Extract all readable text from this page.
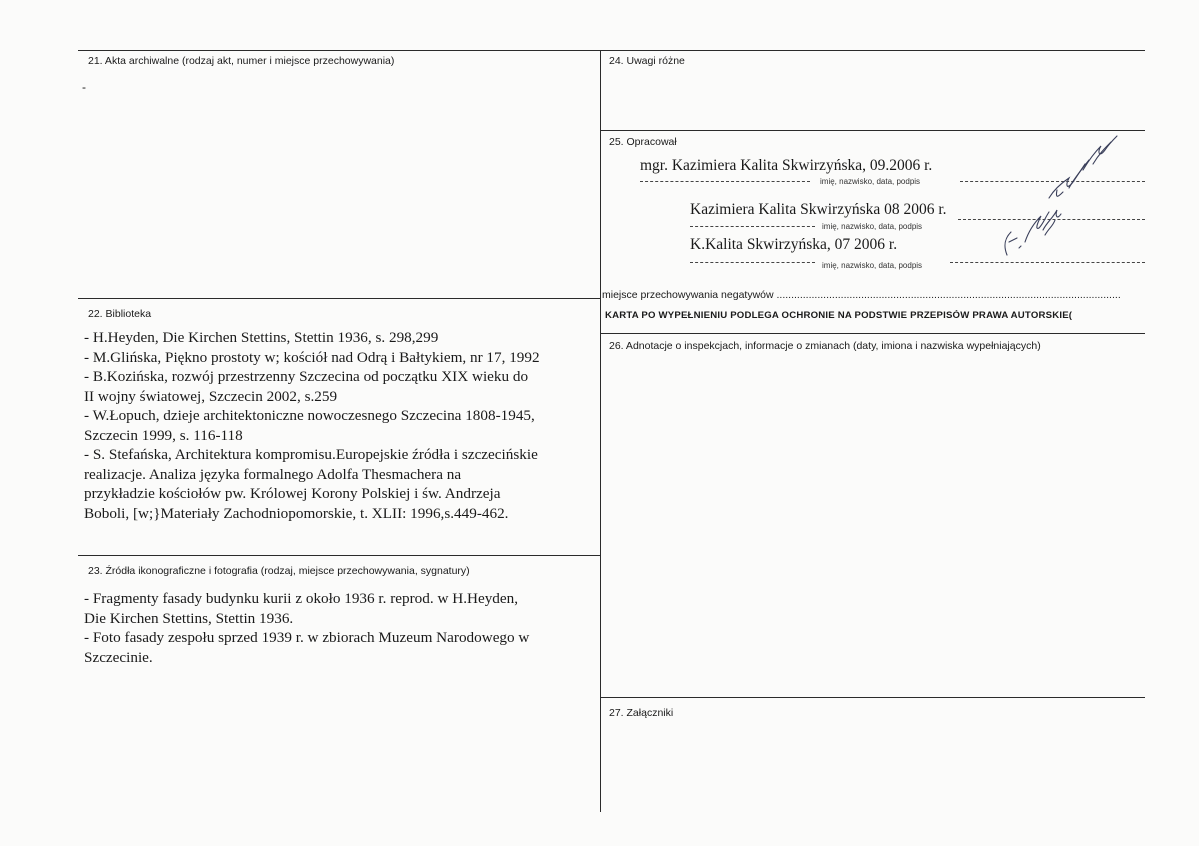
21. Akta archiwalne (rodzaj akt, numer i miejsce przechowywania)
-
22. Biblioteka
- H.Heyden, Die Kirchen Stettins, Stettin 1936, s. 298,299
- M.Glińska, Piękno prostoty w; kościół nad Odrą i Bałtykiem, nr 17, 1992
- B.Kozińska, rozwój przestrzenny Szczecina od początku XIX wieku do
II wojny światowej, Szczecin 2002, s.259
- W.Łopuch, dzieje architektoniczne nowoczesnego Szczecina 1808-1945,
Szczecin 1999, s. 116-118
- S. Stefańska, Architektura kompromisu.Europejskie źródła i szczecińskie
realizacje. Analiza języka formalnego Adolfa Thesmachera na
przykładzie kościołów pw. Królowej Korony Polskiej i św. Andrzeja
Boboli, [w;}Materiały Zachodniopomorskie, t. XLII: 1996,s.449-462.
23. Źródła ikonograficzne i fotografia (rodzaj, miejsce przechowywania, sygnatury)
- Fragmenty fasady budynku kurii z około 1936 r. reprod. w H.Heyden,
Die Kirchen Stettins, Stettin 1936.
- Foto fasady zespołu sprzed 1939 r. w zbiorach Muzeum Narodowego w
Szczecinie.
24. Uwagi różne
25. Opracował
mgr. Kazimiera Kalita Skwirzyńska, 09.2006 r.
imię, nazwisko, data, podpis
Kazimiera Kalita Skwirzyńska 08 2006 r.
imię, nazwisko, data, podpis
K.Kalita Skwirzyńska, 07 2006 r.
imię, nazwisko, data, podpis
miejsce przechowywania negatywów ......................................................................................................................
KARTA PO WYPEŁNIENIU PODLEGA OCHRONIE NA PODSTWIE PRZEPISÓW PRAWA AUTORSKIE(
26. Adnotacje o inspekcjach, informacje o zmianach (daty, imiona i nazwiska wypełniających)
27. Załączniki
